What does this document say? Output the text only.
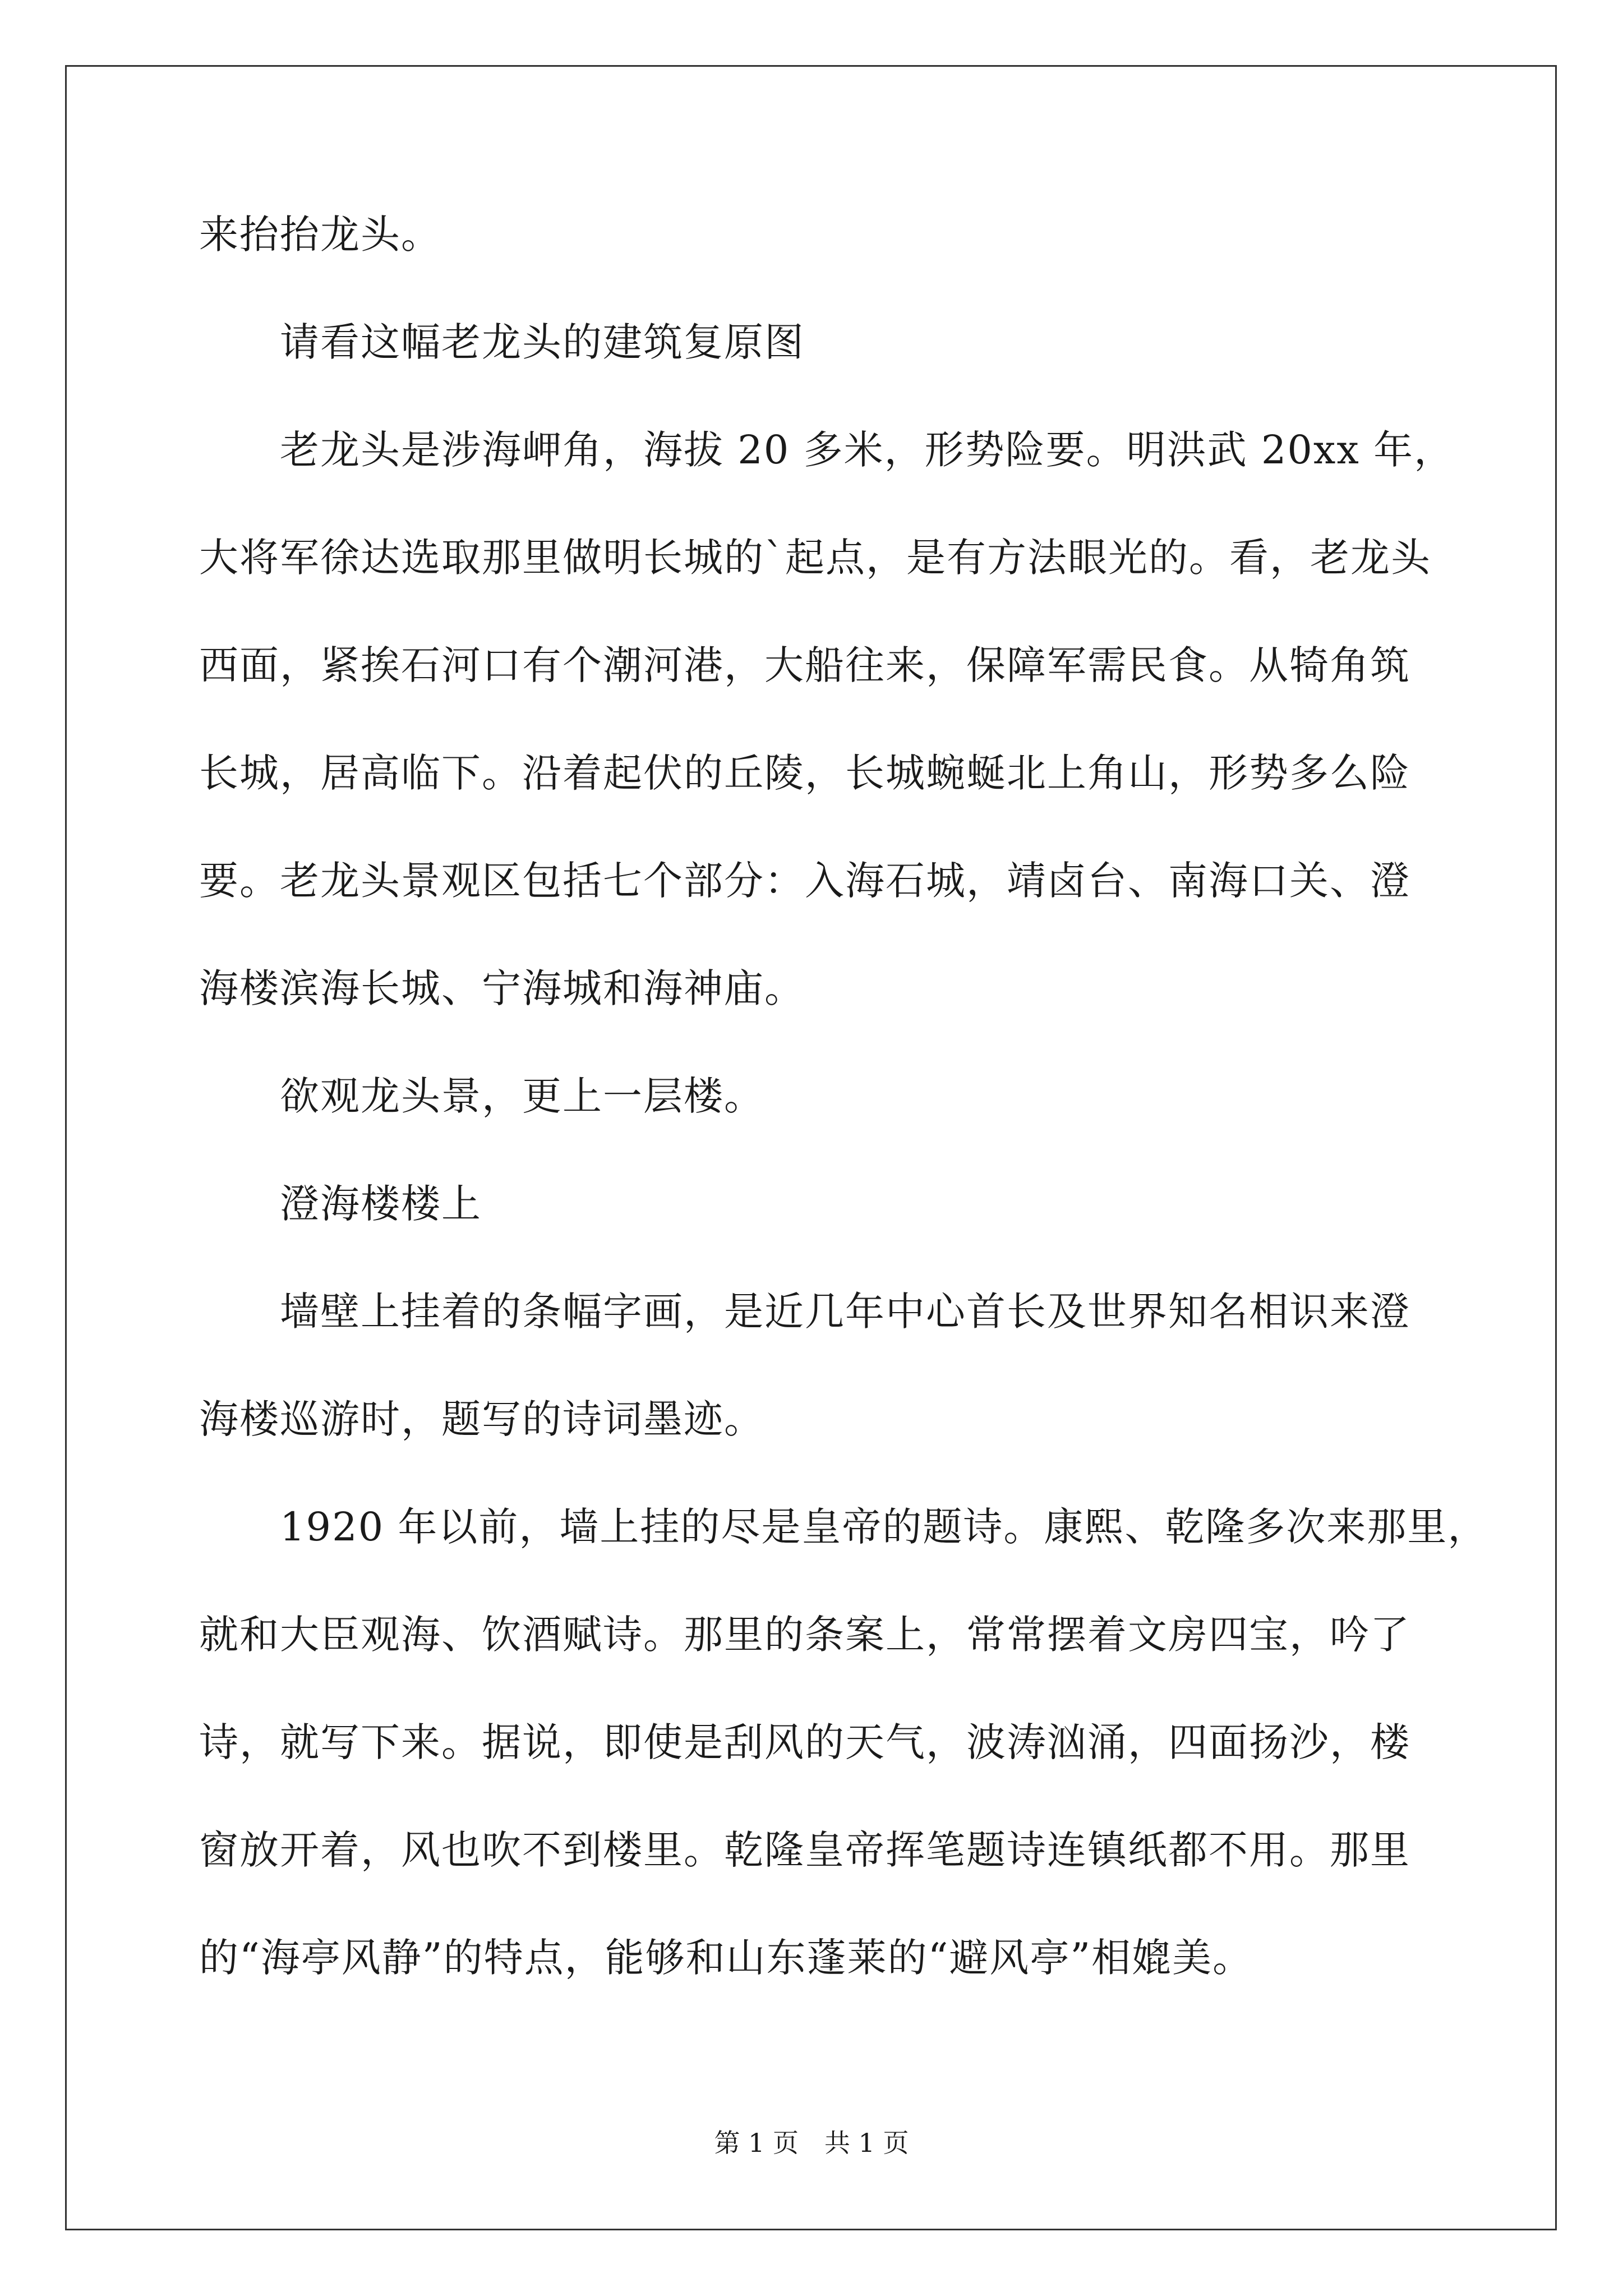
来抬抬龙头。
请看这幅老龙头的建筑复原图
老龙头是涉海岬角，海拔 20 多米，形势险要。明洪武 20xx 年，
大将军徐达选取那里做明长城的`起点，是有方法眼光的。看，老龙头
西面，紧挨石河口有个潮河港，大船往来，保障军需民食。从犄角筑
长城，居高临下。沿着起伏的丘陵，长城蜿蜒北上角山，形势多么险
要。老龙头景观区包括七个部分：入海石城，靖卤台、南海口关、澄
海楼滨海长城、宁海城和海神庙。
欲观龙头景，更上一层楼。
澄海楼楼上
墙壁上挂着的条幅字画，是近几年中心首长及世界知名相识来澄
海楼巡游时，题写的诗词墨迹。
1920 年以前，墙上挂的尽是皇帝的题诗。康熙、乾隆多次来那里，
就和大臣观海、饮酒赋诗。那里的条案上，常常摆着文房四宝，吟了
诗，就写下来。据说，即使是刮风的天气，波涛汹涌，四面扬沙，楼
窗放开着，风也吹不到楼里。乾隆皇帝挥笔题诗连镇纸都不用。那里
的“海亭风静”的特点，能够和山东蓬莱的“避风亭”相媲美。
第 1 页　共 1 页
